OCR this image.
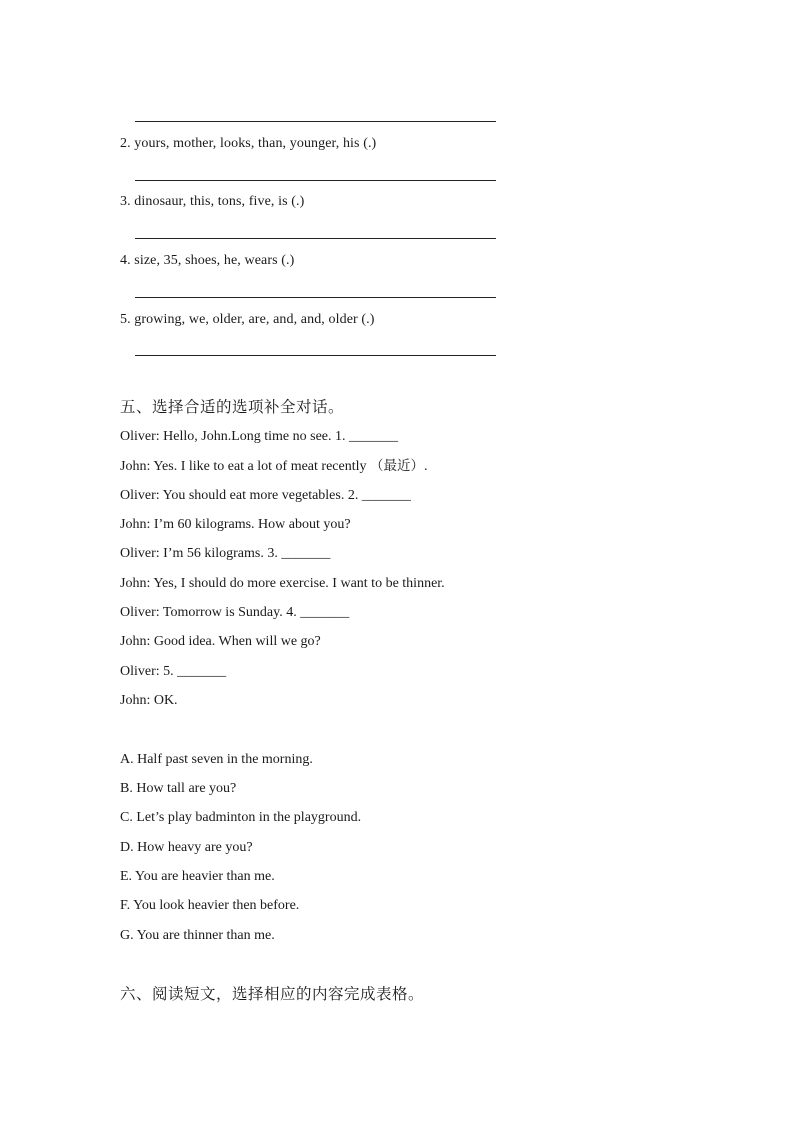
2. yours, mother, looks, than, younger, his (.)
3. dinosaur, this, tons, five, is (.)
4. size, 35, shoes, he, wears (.)
5. growing, we, older, are, and, and, older (.)
五、选择合适的选项补全对话。
Oliver: Hello, John.Long time no see. 1. _______
John: Yes. I like to eat a lot of meat recently （最近）.
Oliver: You should eat more vegetables. 2. _______
John: I’m 60 kilograms. How about you?
Oliver: I’m 56 kilograms. 3. _______
John: Yes, I should do more exercise. I want to be thinner.
Oliver: Tomorrow is Sunday. 4. _______
John: Good idea. When will we go?
Oliver: 5. _______
John: OK.
A. Half past seven in the morning.
B. How tall are you?
C. Let’s play badminton in the playground.
D. How heavy are you?
E. You are heavier than me.
F. You look heavier then before.
G. You are thinner than me.
六、阅读短文，选择相应的内容完成表格。
